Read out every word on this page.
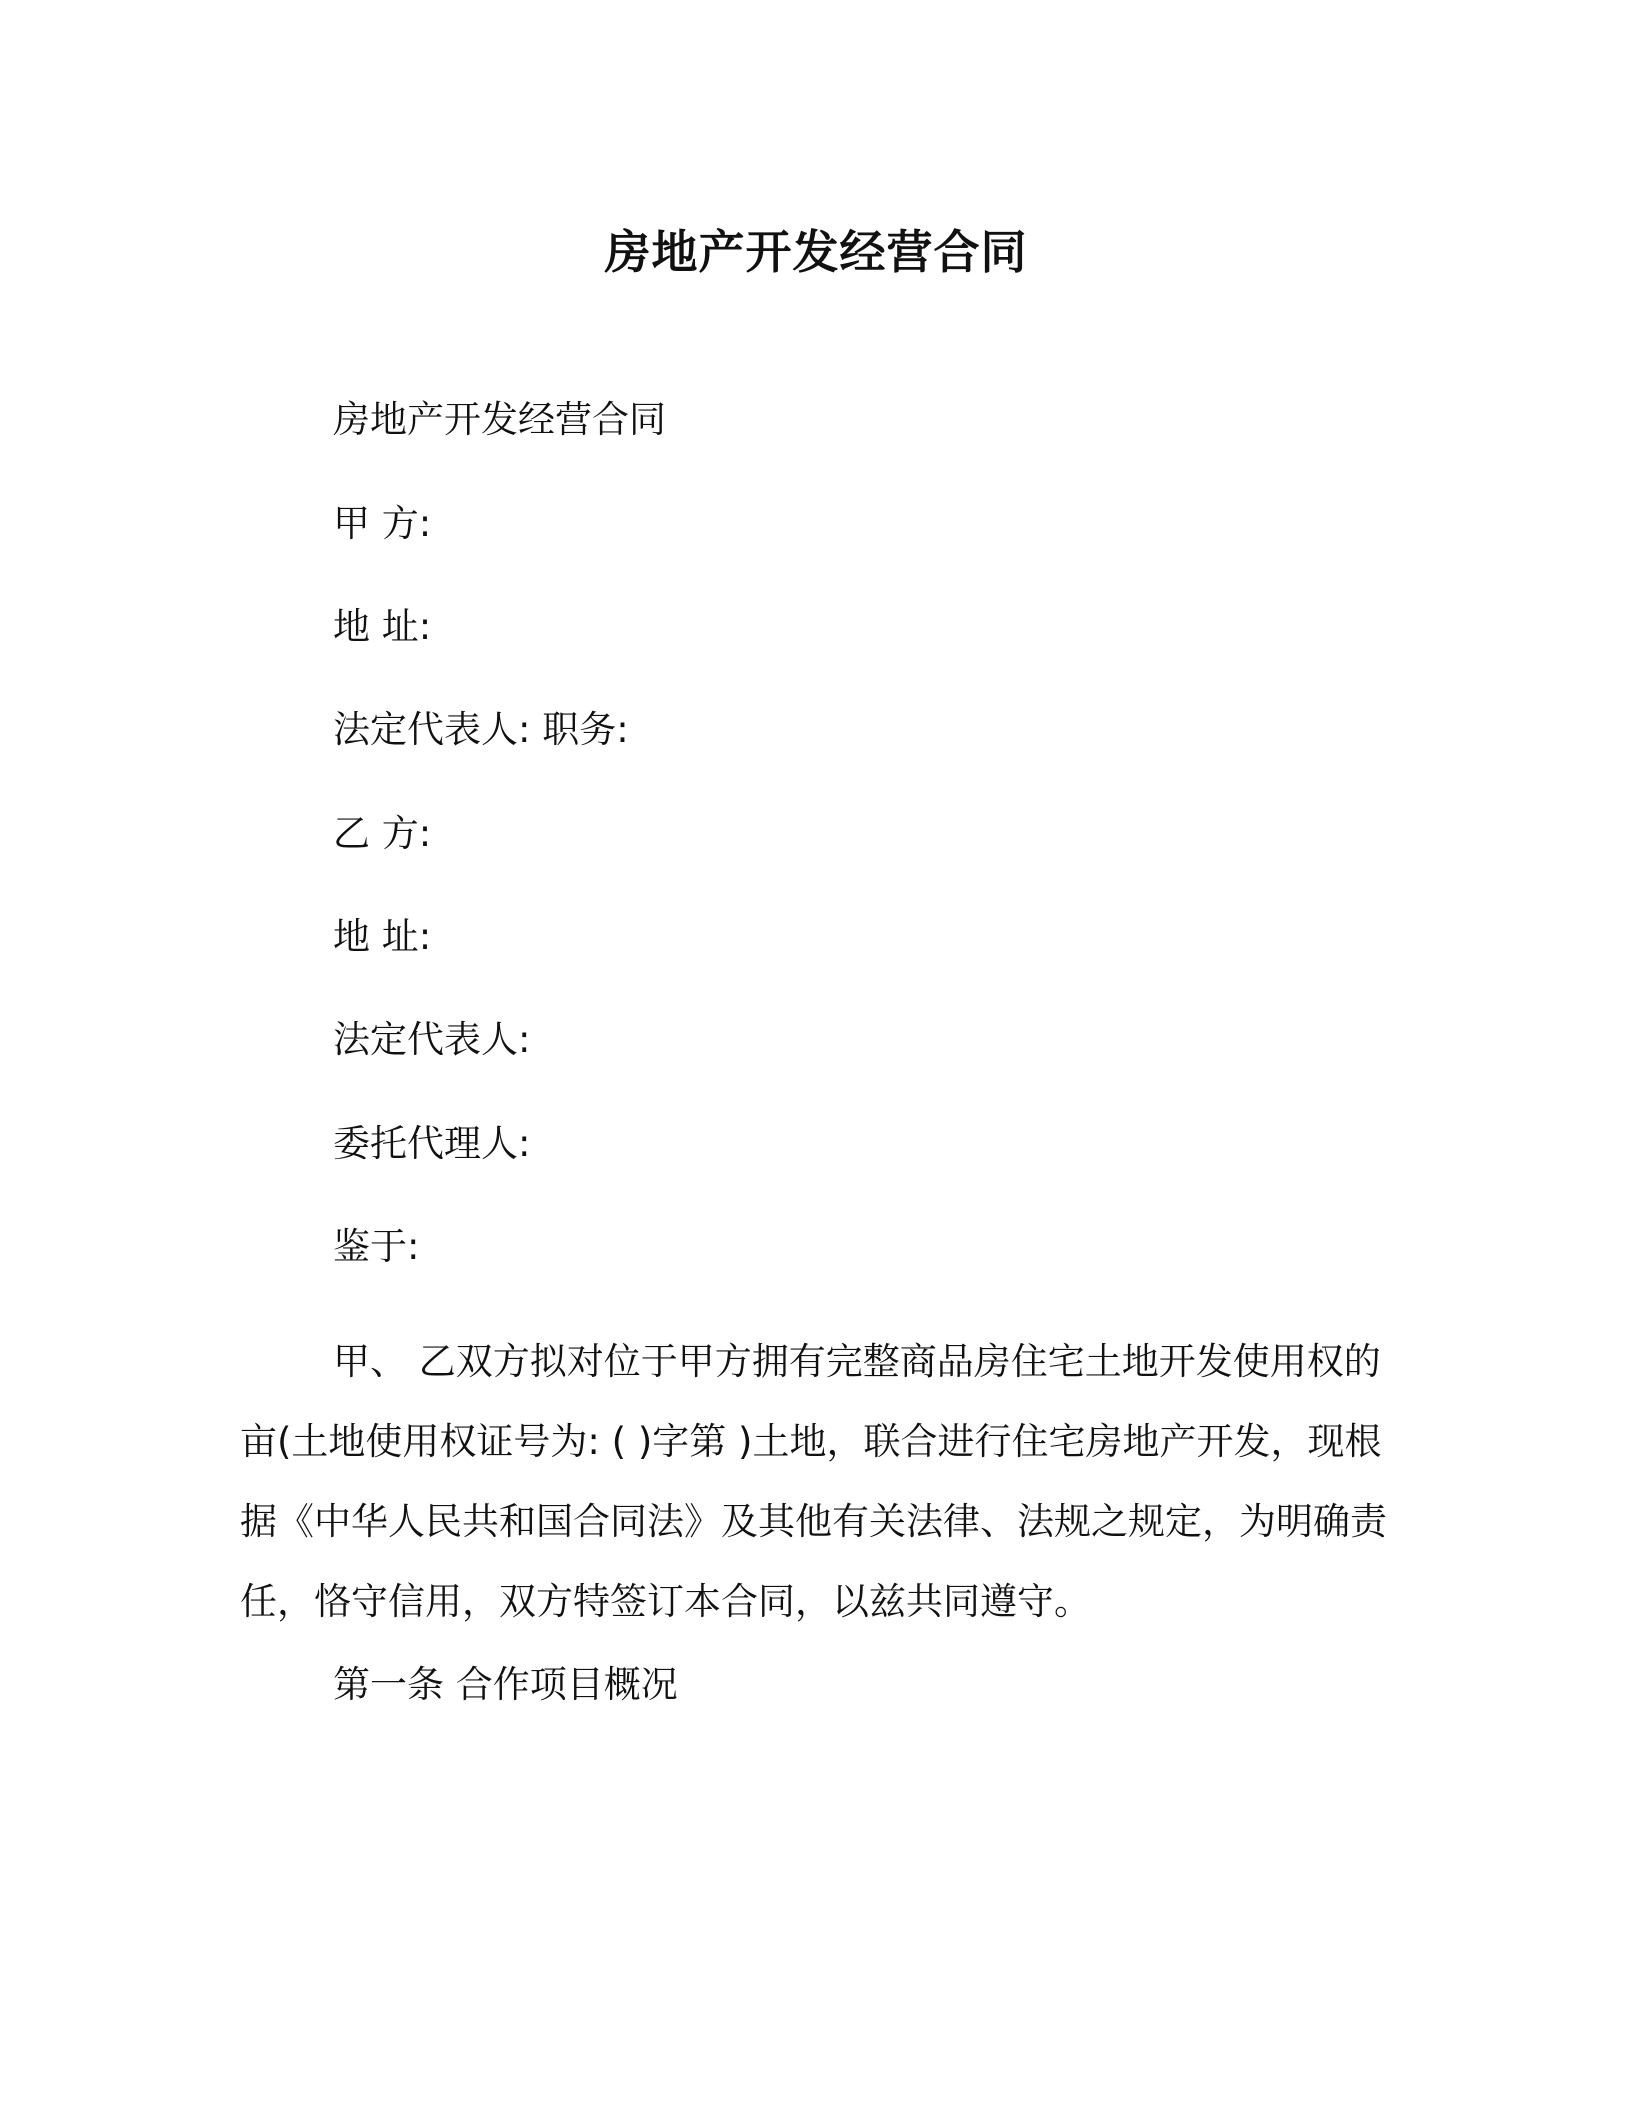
房地产开发经营合同
房地产开发经营合同
甲 方:
地 址:
法定代表人: 职务:
乙 方:
地 址:
法定代表人:
委托代理人:
鉴于:

甲、 乙双方拟对位于甲方拥有完整商品房住宅土地开发使用权的亩(土地使用权证号为: ( )字第 )土地，联合进行住宅房地产开发，现根据《中华人民共和国合同法》及其他有关法律、法规之规定，为明确责任，恪守信用，双方特签订本合同，以兹共同遵守。

第一条 合作项目概况
